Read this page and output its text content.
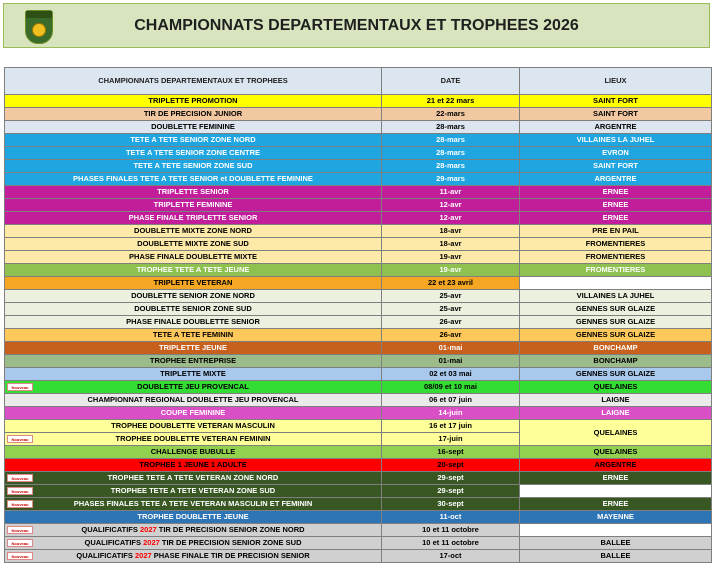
CHAMPIONNATS DEPARTEMENTAUX ET TROPHEES 2026
CHAMPIONNATS DEPARTEMENTAUX ET TROPHEES	DATE	LIEUX
TRIPLETTE PROMOTION	21 et 22 mars	SAINT FORT
TIR DE PRECISION JUNIOR	22-mars	SAINT FORT
DOUBLETTE FEMININE	28-mars	ARGENTRE
TETE A TETE SENIOR ZONE NORD	28-mars	VILLAINES LA JUHEL
TETE A TETE SENIOR ZONE CENTRE	28-mars	EVRON
TETE A TETE SENIOR ZONE SUD	28-mars	SAINT FORT
PHASES FINALES TETE A TETE SENIOR et DOUBLETTE FEMININE	29-mars	ARGENTRE
TRIPLETTE SENIOR	11-avr	ERNEE
TRIPLETTE FEMININE	12-avr	ERNEE
PHASE FINALE TRIPLETTE SENIOR	12-avr	ERNEE
DOUBLETTE MIXTE ZONE NORD	18-avr	PRE EN PAIL
DOUBLETTE MIXTE ZONE SUD	18-avr	FROMENTIERES
PHASE FINALE DOUBLETTE MIXTE	19-avr	FROMENTIERES
TROPHEE TETE A TETE JEUNE	19-avr	FROMENTIERES
TRIPLETTE VETERAN	22 et 23 avril	
DOUBLETTE SENIOR ZONE NORD	25-avr	VILLAINES LA JUHEL
DOUBLETTE SENIOR ZONE SUD	25-avr	GENNES SUR GLAIZE
PHASE FINALE DOUBLETTE SENIOR	26-avr	GENNES SUR GLAIZE
TETE A TETE FEMININ	26-avr	GENNES SUR GLAIZE
TRIPLETTE JEUNE	01-mai	BONCHAMP
TROPHEE ENTREPRISE	01-mai	BONCHAMP
TRIPLETTE MIXTE	02 et 03 mai	GENNES SUR GLAIZE

Nouveau DOUBLETTE JEU PROVENCAL	08/09 et 10 mai	QUELAINES
CHAMPIONNAT REGIONAL DOUBLETTE JEU PROVENCAL	06 et 07 juin	LAIGNE
COUPE FEMININE	14-juin	LAIGNE
TROPHEE DOUBLETTE VETERAN MASCULIN	16 et 17 juin	QUELAINES

Nouveau TROPHEE DOUBLETTE VETERAN FEMININ	17-juin	
CHALLENGE BUBULLE	16-sept	QUELAINES
TROPHEE 1 JEUNE 1 ADULTE	20-sept	ARGENTRE

Nouveau TROPHEE TETE A TETE VETERAN ZONE NORD	29-sept	ERNEE

Nouveau TROPHEE TETE A TETE VETERAN ZONE SUD	29-sept	

Nouveau PHASES FINALES TETE A TETE VETERAN MASCULIN ET FEMININ	30-sept	ERNEE
TROPHEE DOUBLETTE JEUNE	11-oct	MAYENNE

Nouveau QUALIFICATIFS 2027 TIR DE PRECISION SENIOR ZONE NORD	10 et 11 octobre	

Nouveau QUALIFICATIFS 2027 TIR DE PRECISION SENIOR ZONE SUD	10 et 11 octobre	BALLEE

Nouveau QUALIFICATIFS 2027 PHASE FINALE TIR DE PRECISION SENIOR	17-oct	BALLEE
